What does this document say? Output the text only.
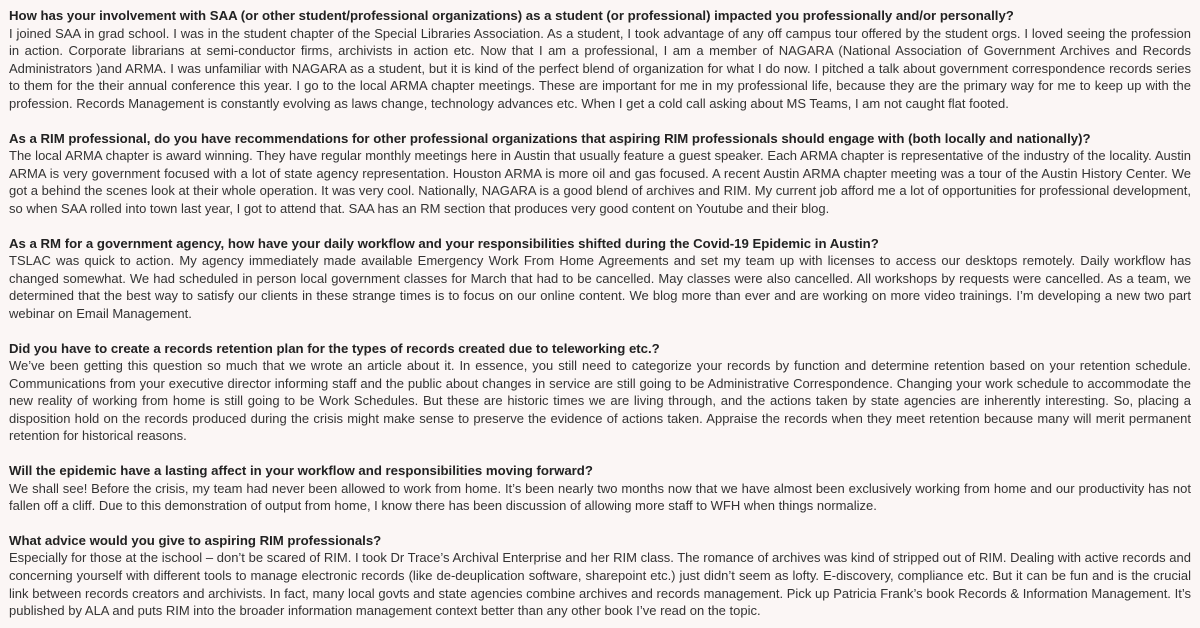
How has your involvement with SAA (or other student/professional organizations) as a student (or professional) impacted you professionally and/or personally?

I joined SAA in grad school. I was in the student chapter of the Special Libraries Association. As a student, I took advantage of any off campus tour offered by the student orgs. I loved seeing the profession in action. Corporate librarians at semi-conductor firms, archivists in action etc. Now that I am a professional, I am a member of NAGARA (National Association of Government Archives and Records Administrators )and ARMA. I was unfamiliar with NAGARA as a student, but it is kind of the perfect blend of organization for what I do now. I pitched a talk about government correspondence records series to them for the their annual conference this year. I go to the local ARMA chapter meetings. These are important for me in my professional life, because they are the primary way for me to keep up with the profession. Records Management is constantly evolving as laws change, technology advances etc. When I get a cold call asking about MS Teams, I am not caught flat footed.

As a RIM professional, do you have recommendations for other professional organizations that aspiring RIM professionals should engage with (both locally and nationally)?

The local ARMA chapter is award winning. They have regular monthly meetings here in Austin that usually feature a guest speaker. Each ARMA chapter is representative of the industry of the locality. Austin ARMA is very government focused with a lot of state agency representation. Houston ARMA is more oil and gas focused. A recent Austin ARMA chapter meeting was a tour of the Austin History Center. We got a behind the scenes look at their whole operation. It was very cool. Nationally, NAGARA is a good blend of archives and RIM. My current job afford me a lot of opportunities for professional development, so when SAA rolled into town last year, I got to attend that. SAA has an RM section that produces very good content on Youtube and their blog.

As a RM for a government agency, how have your daily workflow and your responsibilities shifted during the Covid-19 Epidemic in Austin?

TSLAC was quick to action. My agency immediately made available Emergency Work From Home Agreements and set my team up with licenses to access our desktops remotely. Daily workflow has changed somewhat. We had scheduled in person local government classes for March that had to be cancelled. May classes were also cancelled. All workshops by requests were cancelled. As a team, we determined that the best way to satisfy our clients in these strange times is to focus on our online content. We blog more than ever and are working on more video trainings. I’m developing a new two part webinar on Email Management.

Did you have to create a records retention plan for the types of records created due to teleworking etc.?

We’ve been getting this question so much that we wrote an article about it. In essence, you still need to categorize your records by function and determine retention based on your retention schedule. Communications from your executive director informing staff and the public about changes in service are still going to be Administrative Correspondence. Changing your work schedule to accommodate the new reality of working from home is still going to be Work Schedules. But these are historic times we are living through, and the actions taken by state agencies are inherently interesting. So, placing a disposition hold on the records produced during the crisis might make sense to preserve the evidence of actions taken. Appraise the records when they meet retention because many will merit permanent retention for historical reasons.

Will the epidemic have a lasting affect in your workflow and responsibilities moving forward?

We shall see! Before the crisis, my team had never been allowed to work from home. It’s been nearly two months now that we have almost been exclusively working from home and our productivity has not fallen off a cliff. Due to this demonstration of output from home, I know there has been discussion of allowing more staff to WFH when things normalize.

What advice would you give to aspiring RIM professionals?

Especially for those at the ischool – don’t be scared of RIM. I took Dr Trace’s Archival Enterprise and her RIM class. The romance of archives was kind of stripped out of RIM. Dealing with active records and concerning yourself with different tools to manage electronic records (like de-deuplication software, sharepoint etc.) just didn’t seem as lofty. E-discovery, compliance etc. But it can be fun and is the crucial link between records creators and archivists. In fact, many local govts and state agencies combine archives and records management. Pick up Patricia Frank’s book Records & Information Management. It’s published by ALA and puts RIM into the broader information management context better than any other book I’ve read on the topic.
